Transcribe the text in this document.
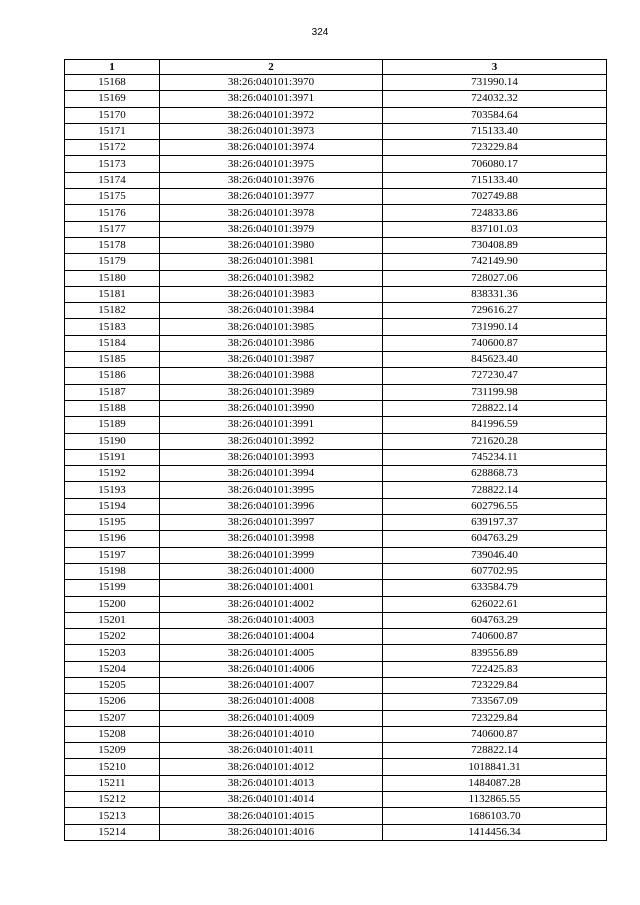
324
1	2	3
15168	38:26:040101:3970	731990.14
15169	38:26:040101:3971	724032.32
15170	38:26:040101:3972	703584.64
15171	38:26:040101:3973	715133.40
15172	38:26:040101:3974	723229.84
15173	38:26:040101:3975	706080.17
15174	38:26:040101:3976	715133.40
15175	38:26:040101:3977	702749.88
15176	38:26:040101:3978	724833.86
15177	38:26:040101:3979	837101.03
15178	38:26:040101:3980	730408.89
15179	38:26:040101:3981	742149.90
15180	38:26:040101:3982	728027.06
15181	38:26:040101:3983	838331.36
15182	38:26:040101:3984	729616.27
15183	38:26:040101:3985	731990.14
15184	38:26:040101:3986	740600.87
15185	38:26:040101:3987	845623.40
15186	38:26:040101:3988	727230.47
15187	38:26:040101:3989	731199.98
15188	38:26:040101:3990	728822.14
15189	38:26:040101:3991	841996.59
15190	38:26:040101:3992	721620.28
15191	38:26:040101:3993	745234.11
15192	38:26:040101:3994	628868.73
15193	38:26:040101:3995	728822.14
15194	38:26:040101:3996	602796.55
15195	38:26:040101:3997	639197.37
15196	38:26:040101:3998	604763.29
15197	38:26:040101:3999	739046.40
15198	38:26:040101:4000	607702.95
15199	38:26:040101:4001	633584.79
15200	38:26:040101:4002	626022.61
15201	38:26:040101:4003	604763.29
15202	38:26:040101:4004	740600.87
15203	38:26:040101:4005	839556.89
15204	38:26:040101:4006	722425.83
15205	38:26:040101:4007	723229.84
15206	38:26:040101:4008	733567.09
15207	38:26:040101:4009	723229.84
15208	38:26:040101:4010	740600.87
15209	38:26:040101:4011	728822.14
15210	38:26:040101:4012	1018841.31
15211	38:26:040101:4013	1484087.28
15212	38:26:040101:4014	1132865.55
15213	38:26:040101:4015	1686103.70
15214	38:26:040101:4016	1414456.34
